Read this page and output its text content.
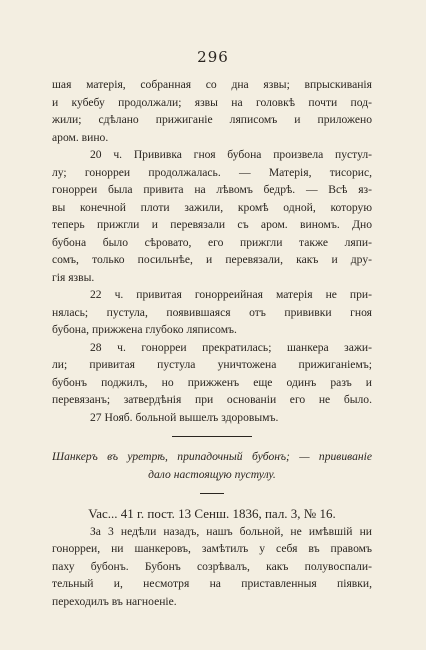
296
шая матерія, собранная со дна язвы; впрыскиванія
и кубебу продолжали; язвы на головкѣ почти под-
жили; сдѣлано прижиганіе ляписомъ и приложено
аром. вино.
20 ч. Прививка гноя бубона произвела пустул-
лу; гонорреи продолжалась. — Матерія, тисорис,
гонорреи была привита на лѣвомъ бедрѣ. — Всѣ яз-
вы конечной плоти зажили, кромѣ одной, которую
теперь прижгли и перевязали съ аром. виномъ. Дно
бубона было сѣровато, его прижгли также ляпи-
сомъ, только посильнѣе, и перевязали, какъ и дру-
гія язвы.
22 ч. привитая гонорреийная матерія не при-
нялась; пустула, появившаяся отъ прививки гноя
бубона, прижжена глубоко ляписомъ.
28 ч. гонорреи прекратилась; шанкера зажи-
ли; привитая пустула уничтожена прижиганіемъ;
бубонъ поджилъ, но прижженъ еще одинъ разъ и
перевязанъ; затвердѣнія при основаніи его не было.
27 Нояб. больной вышелъ здоровымъ.
Шанкеръ въ уретрѣ, припадочный бубонъ; — прививаніе
дало настоящую пустулу.
Vac... 41 г. пост. 13 Сенш. 1836, пал. 3, № 16.
За 3 недѣли назадъ, нашъ больной, не имѣвшій ни
гонорреи, ни шанкеровъ, замѣтилъ у себя въ правомъ
паху бубонъ. Бубонъ созрѣвалъ, какъ полувоспали-
тельный и, несмотря на приставленныя піявки,
переходилъ въ нагноеніе.
